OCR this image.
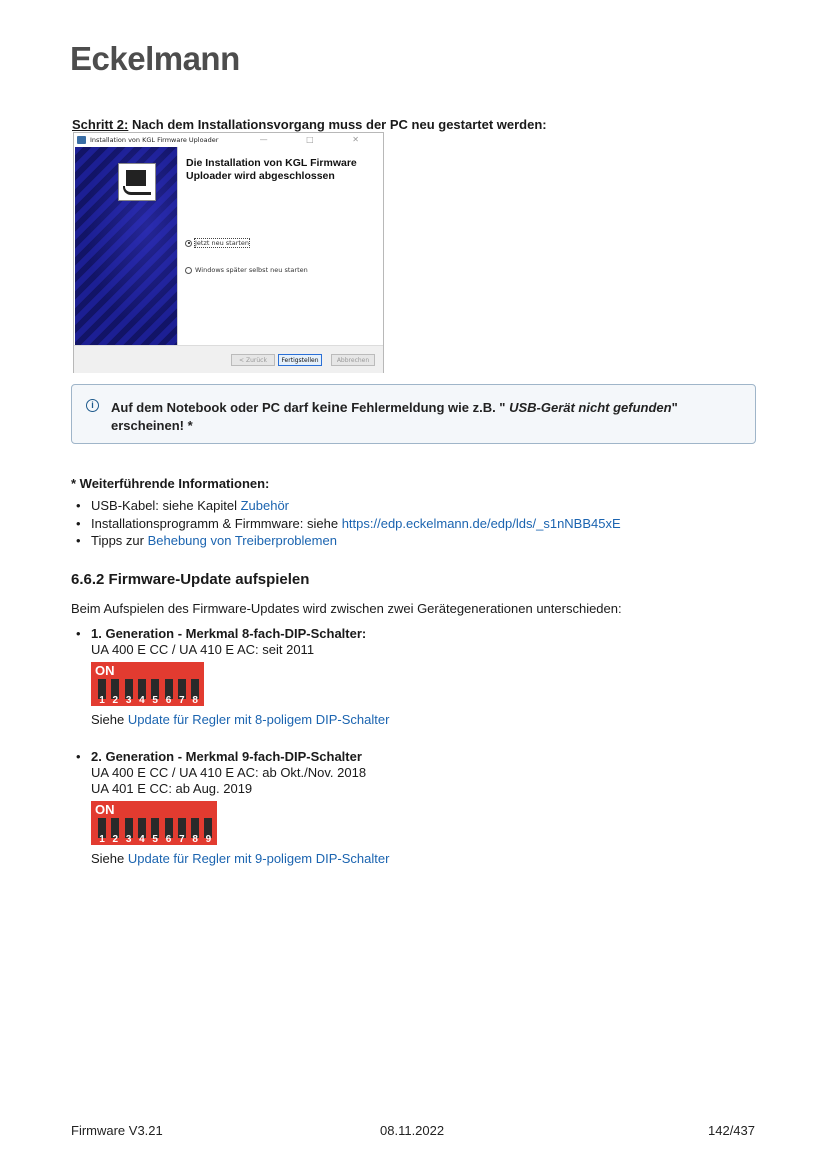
Eckelmann
Schritt 2: Nach dem Installationsvorgang muss der PC neu gestartet werden:
Installation von KGL Firmware Uploader	— □ ✕
Die Installation von KGL Firmware Uploader wird abgeschlossen
Jetzt neu starten
Windows später selbst neu starten
< Zurück	Fertigstellen	Abbrechen
i	Auf dem Notebook oder PC darf keine Fehlermeldung wie z.B. " USB-Gerät nicht gefunden" erscheinen! *
* Weiterführende Informationen:
• USB-Kabel: siehe Kapitel Zubehör
• Installationsprogramm & Firmmware: siehe https://edp.eckelmann.de/edp/lds/_s1nNBB45xE
• Tipps zur Behebung von Treiberproblemen
6.6.2 Firmware-Update aufspielen
Beim Aufspielen des Firmware-Updates wird zwischen zwei Gerätegenerationen unterschieden:
• 1. Generation - Merkmal 8-fach-DIP-Schalter:
UA 400 E CC / UA 410 E AC: seit 2011
ON
1 2 3 4 5 6 7 8
Siehe Update für Regler mit 8-poligem DIP-Schalter
• 2. Generation - Merkmal 9-fach-DIP-Schalter
UA 400 E CC / UA 410 E AC: ab Okt./Nov. 2018
UA 401 E CC: ab Aug. 2019
ON
1 2 3 4 5 6 7 8 9
Siehe Update für Regler mit 9-poligem DIP-Schalter
Firmware V3.21	08.11.2022	142/437
